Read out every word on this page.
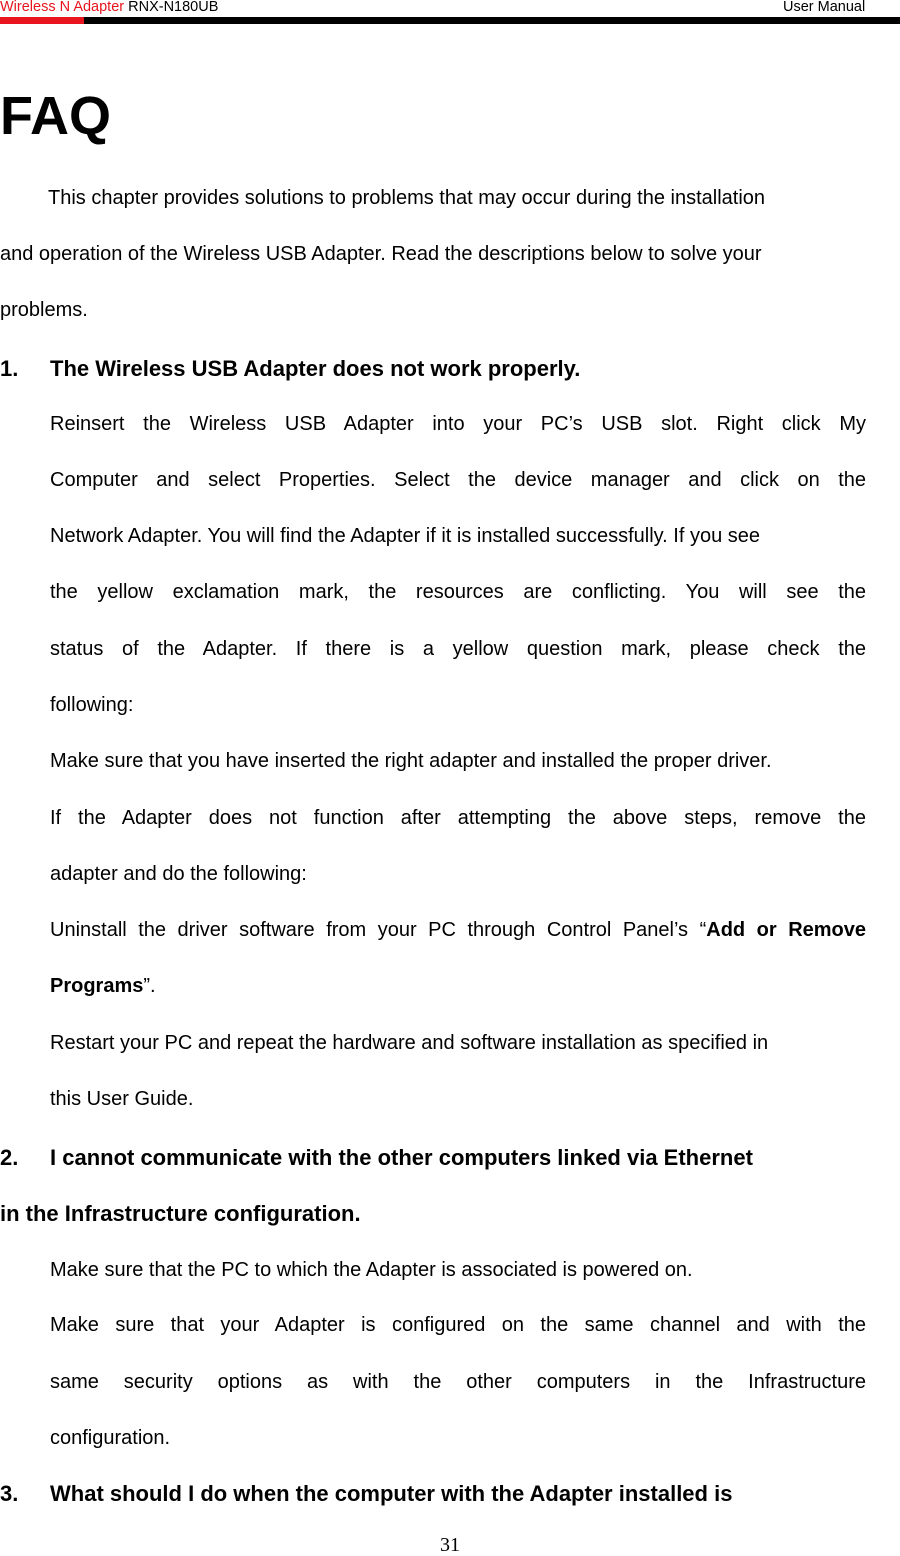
Wireless N Adapter RNX-N180UB	User Manual
FAQ
This chapter provides solutions to problems that may occur during the installation
and operation of the Wireless USB Adapter. Read the descriptions below to solve your
problems.
1. The Wireless USB Adapter does not work properly.
Reinsert the Wireless USB Adapter into your PC’s USB slot. Right click My
Computer and select Properties. Select the device manager and click on the
Network Adapter. You will find the Adapter if it is installed successfully. If you see
the yellow exclamation mark, the resources are conflicting. You will see the
status of the Adapter. If there is a yellow question mark, please check the
following:
Make sure that you have inserted the right adapter and installed the proper driver.
If the Adapter does not function after attempting the above steps, remove the
adapter and do the following:
Uninstall the driver software from your PC through Control Panel’s “Add or Remove Programs”.
Restart your PC and repeat the hardware and software installation as specified in
this User Guide.
2. I cannot communicate with the other computers linked via Ethernet
in the Infrastructure configuration.
Make sure that the PC to which the Adapter is associated is powered on.
Make sure that your Adapter is configured on the same channel and with the
same security options as with the other computers in the Infrastructure
configuration.
3. What should I do when the computer with the Adapter installed is
31
